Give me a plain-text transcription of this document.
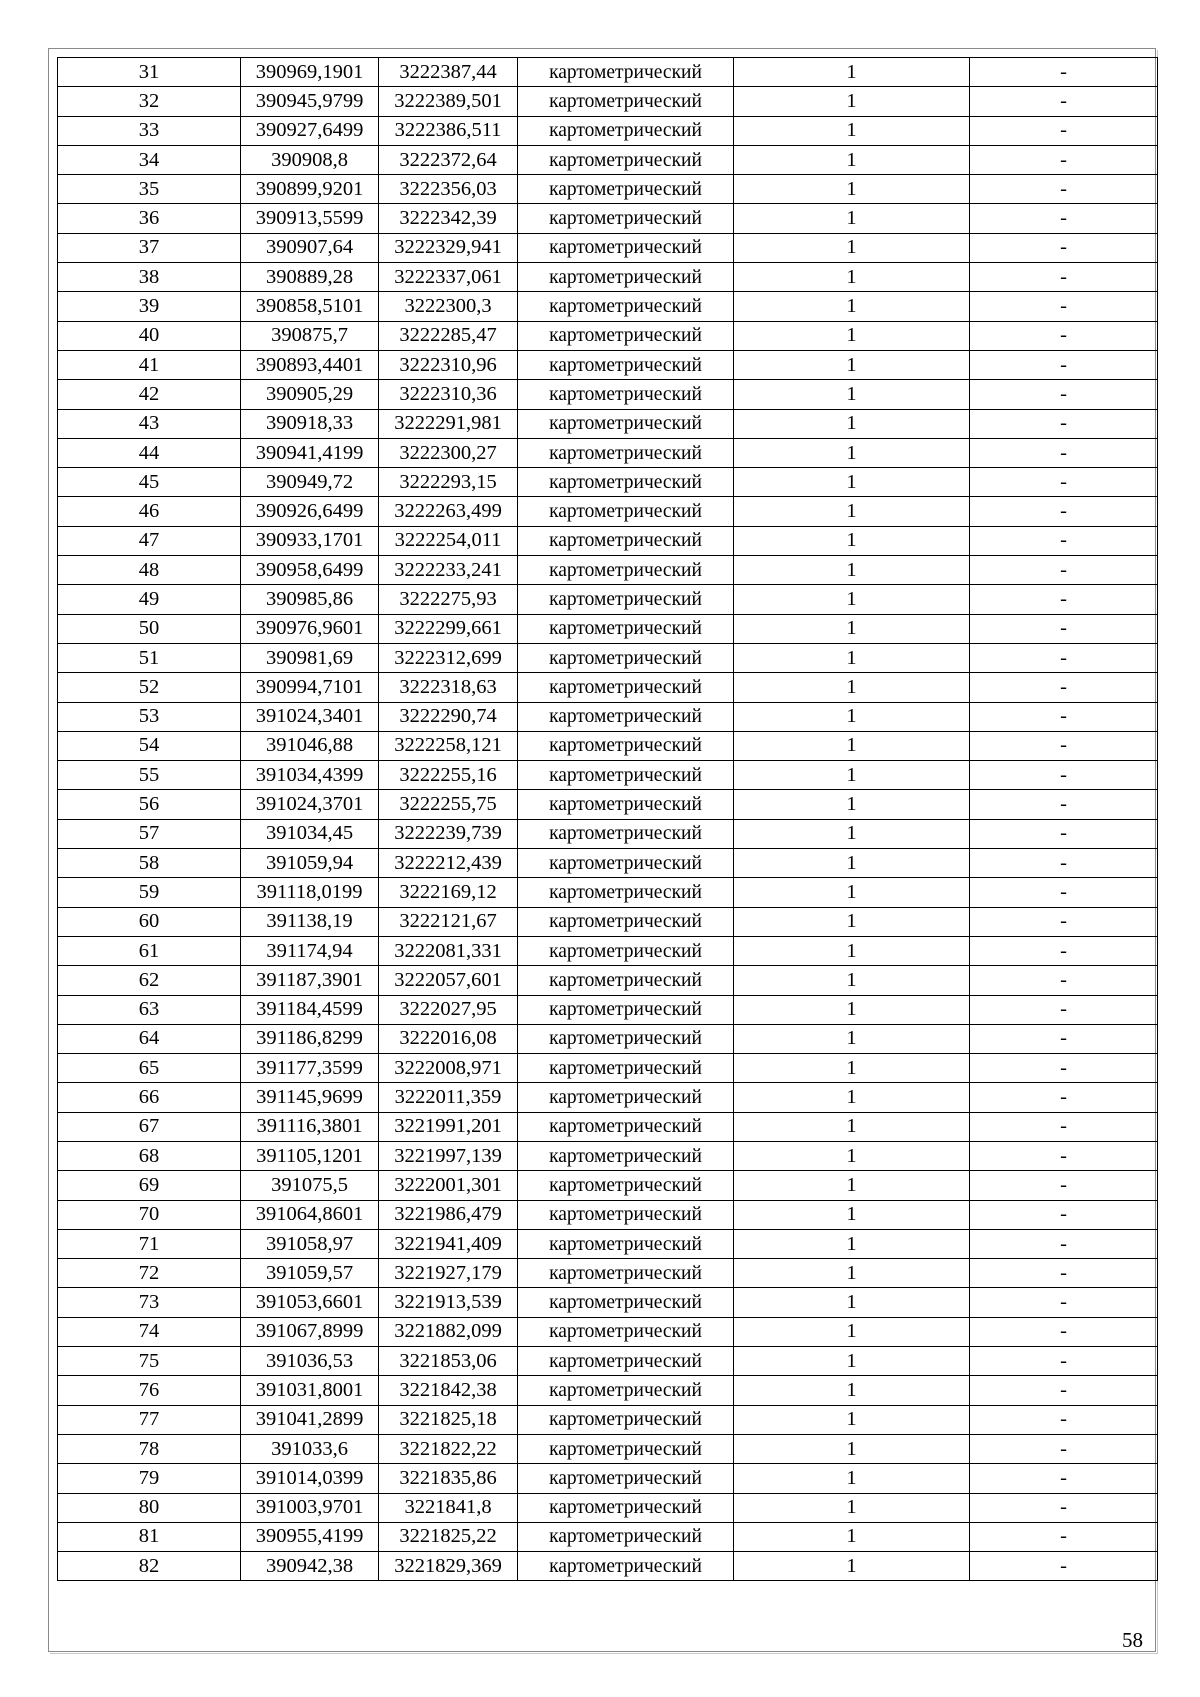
31	390969,1901	3222387,44	картометрический	1	-
32	390945,9799	3222389,501	картометрический	1	-
33	390927,6499	3222386,511	картометрический	1	-
34	390908,8	3222372,64	картометрический	1	-
35	390899,9201	3222356,03	картометрический	1	-
36	390913,5599	3222342,39	картометрический	1	-
37	390907,64	3222329,941	картометрический	1	-
38	390889,28	3222337,061	картометрический	1	-
39	390858,5101	3222300,3	картометрический	1	-
40	390875,7	3222285,47	картометрический	1	-
41	390893,4401	3222310,96	картометрический	1	-
42	390905,29	3222310,36	картометрический	1	-
43	390918,33	3222291,981	картометрический	1	-
44	390941,4199	3222300,27	картометрический	1	-
45	390949,72	3222293,15	картометрический	1	-
46	390926,6499	3222263,499	картометрический	1	-
47	390933,1701	3222254,011	картометрический	1	-
48	390958,6499	3222233,241	картометрический	1	-
49	390985,86	3222275,93	картометрический	1	-
50	390976,9601	3222299,661	картометрический	1	-
51	390981,69	3222312,699	картометрический	1	-
52	390994,7101	3222318,63	картометрический	1	-
53	391024,3401	3222290,74	картометрический	1	-
54	391046,88	3222258,121	картометрический	1	-
55	391034,4399	3222255,16	картометрический	1	-
56	391024,3701	3222255,75	картометрический	1	-
57	391034,45	3222239,739	картометрический	1	-
58	391059,94	3222212,439	картометрический	1	-
59	391118,0199	3222169,12	картометрический	1	-
60	391138,19	3222121,67	картометрический	1	-
61	391174,94	3222081,331	картометрический	1	-
62	391187,3901	3222057,601	картометрический	1	-
63	391184,4599	3222027,95	картометрический	1	-
64	391186,8299	3222016,08	картометрический	1	-
65	391177,3599	3222008,971	картометрический	1	-
66	391145,9699	3222011,359	картометрический	1	-
67	391116,3801	3221991,201	картометрический	1	-
68	391105,1201	3221997,139	картометрический	1	-
69	391075,5	3222001,301	картометрический	1	-
70	391064,8601	3221986,479	картометрический	1	-
71	391058,97	3221941,409	картометрический	1	-
72	391059,57	3221927,179	картометрический	1	-
73	391053,6601	3221913,539	картометрический	1	-
74	391067,8999	3221882,099	картометрический	1	-
75	391036,53	3221853,06	картометрический	1	-
76	391031,8001	3221842,38	картометрический	1	-
77	391041,2899	3221825,18	картометрический	1	-
78	391033,6	3221822,22	картометрический	1	-
79	391014,0399	3221835,86	картометрический	1	-
80	391003,9701	3221841,8	картометрический	1	-
81	390955,4199	3221825,22	картометрический	1	-
82	390942,38	3221829,369	картометрический	1	-
58
